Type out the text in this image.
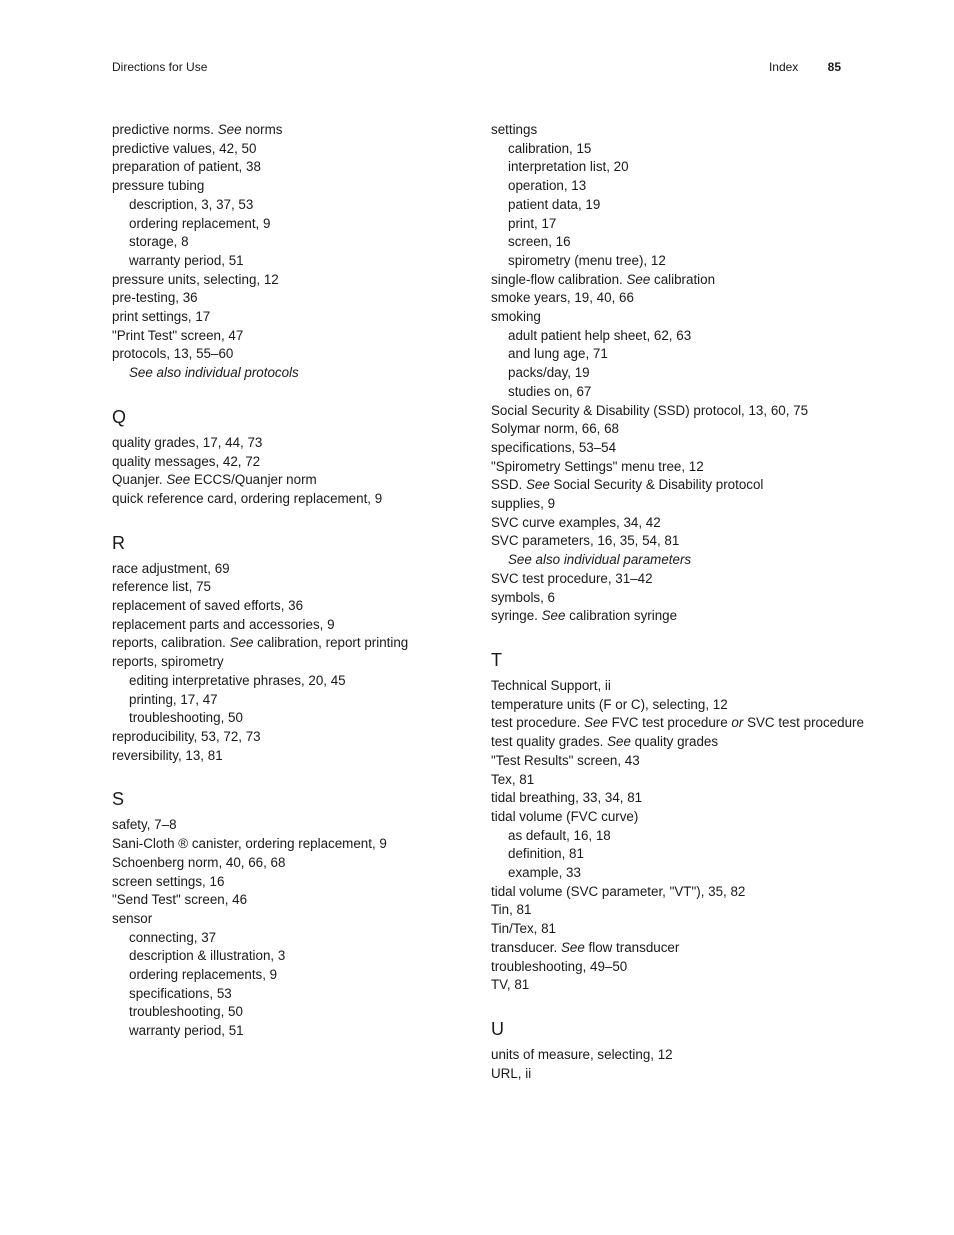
Directions for Use	Index 85
predictive norms. See norms
predictive values, 42, 50
preparation of patient, 38
pressure tubing
description, 3, 37, 53
ordering replacement, 9
storage, 8
warranty period, 51
pressure units, selecting, 12
pre-testing, 36
print settings, 17
"Print Test" screen, 47
protocols, 13, 55–60
See also individual protocols
Q
quality grades, 17, 44, 73
quality messages, 42, 72
Quanjer. See ECCS/Quanjer norm
quick reference card, ordering replacement, 9
R
race adjustment, 69
reference list, 75
replacement of saved efforts, 36
replacement parts and accessories, 9
reports, calibration. See calibration, report printing
reports, spirometry
editing interpretative phrases, 20, 45
printing, 17, 47
troubleshooting, 50
reproducibility, 53, 72, 73
reversibility, 13, 81
S
safety, 7–8
Sani-Cloth ® canister, ordering replacement, 9
Schoenberg norm, 40, 66, 68
screen settings, 16
"Send Test" screen, 46
sensor
connecting, 37
description & illustration, 3
ordering replacements, 9
specifications, 53
troubleshooting, 50
warranty period, 51
settings
calibration, 15
interpretation list, 20
operation, 13
patient data, 19
print, 17
screen, 16
spirometry (menu tree), 12
single-flow calibration. See calibration
smoke years, 19, 40, 66
smoking
adult patient help sheet, 62, 63
and lung age, 71
packs/day, 19
studies on, 67
Social Security & Disability (SSD) protocol, 13, 60, 75
Solymar norm, 66, 68
specifications, 53–54
"Spirometry Settings" menu tree, 12
SSD. See Social Security & Disability protocol
supplies, 9
SVC curve examples, 34, 42
SVC parameters, 16, 35, 54, 81
See also individual parameters
SVC test procedure, 31–42
symbols, 6
syringe. See calibration syringe
T
Technical Support, ii
temperature units (F or C), selecting, 12
test procedure. See FVC test procedure or SVC test procedure
test quality grades. See quality grades
"Test Results" screen, 43
Tex, 81
tidal breathing, 33, 34, 81
tidal volume (FVC curve)
as default, 16, 18
definition, 81
example, 33
tidal volume (SVC parameter, "VT"), 35, 82
Tin, 81
Tin/Tex, 81
transducer. See flow transducer
troubleshooting, 49–50
TV, 81
U
units of measure, selecting, 12
URL, ii
